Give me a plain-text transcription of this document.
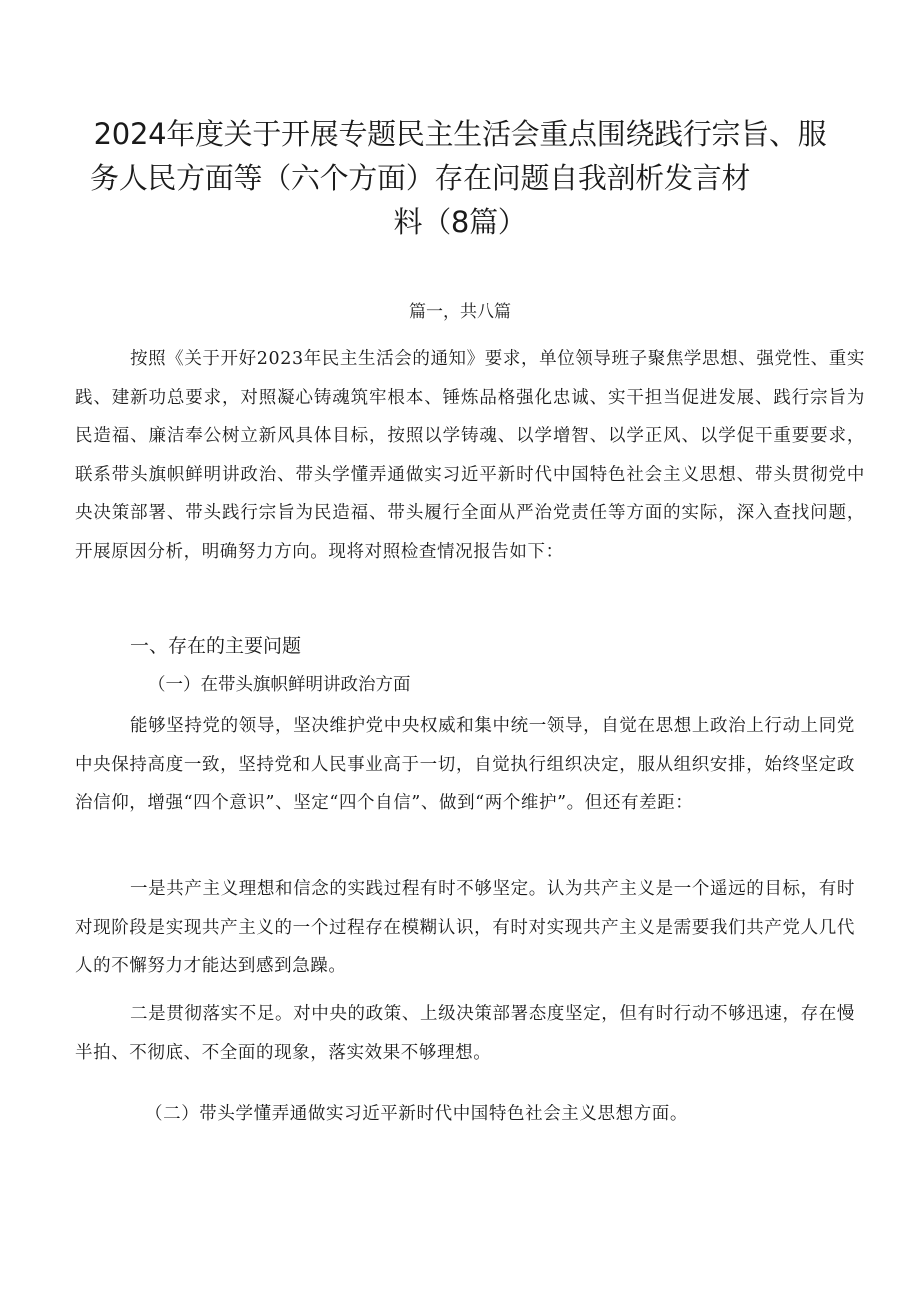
2024年度关于开展专题民主生活会重点围绕践行宗旨、服
务人民方面等（六个方面）存在问题自我剖析发言材
料（8篇）
篇一，共八篇

按照《关于开好2023年民主生活会的通知》要求，单位领导班子聚焦学思想、强党性、重实践、建新功总要求，对照凝心铸魂筑牢根本、锤炼品格强化忠诚、实干担当促进发展、践行宗旨为民造福、廉洁奉公树立新风具体目标，按照以学铸魂、以学增智、以学正风、以学促干重要要求，联系带头旗帜鲜明讲政治、带头学懂弄通做实习近平新时代中国特色社会主义思想、带头贯彻党中央决策部署、带头践行宗旨为民造福、带头履行全面从严治党责任等方面的实际，深入查找问题，开展原因分析，明确努力方向。现将对照检查情况报告如下：

一、存在的主要问题
（一）在带头旗帜鲜明讲政治方面

能够坚持党的领导，坚决维护党中央权威和集中统一领导，自觉在思想上政治上行动上同党中央保持高度一致，坚持党和人民事业高于一切，自觉执行组织决定，服从组织安排，始终坚定政治信仰，增强“四个意识”、坚定“四个自信”、做到“两个维护”。但还有差距：

一是共产主义理想和信念的实践过程有时不够坚定。认为共产主义是一个遥远的目标，有时对现阶段是实现共产主义的一个过程存在模糊认识，有时对实现共产主义是需要我们共产党人几代人的不懈努力才能达到感到急躁。

二是贯彻落实不足。对中央的政策、上级决策部署态度坚定，但有时行动不够迅速，存在慢半拍、不彻底、不全面的现象，落实效果不够理想。

（二）带头学懂弄通做实习近平新时代中国特色社会主义思想方面。
